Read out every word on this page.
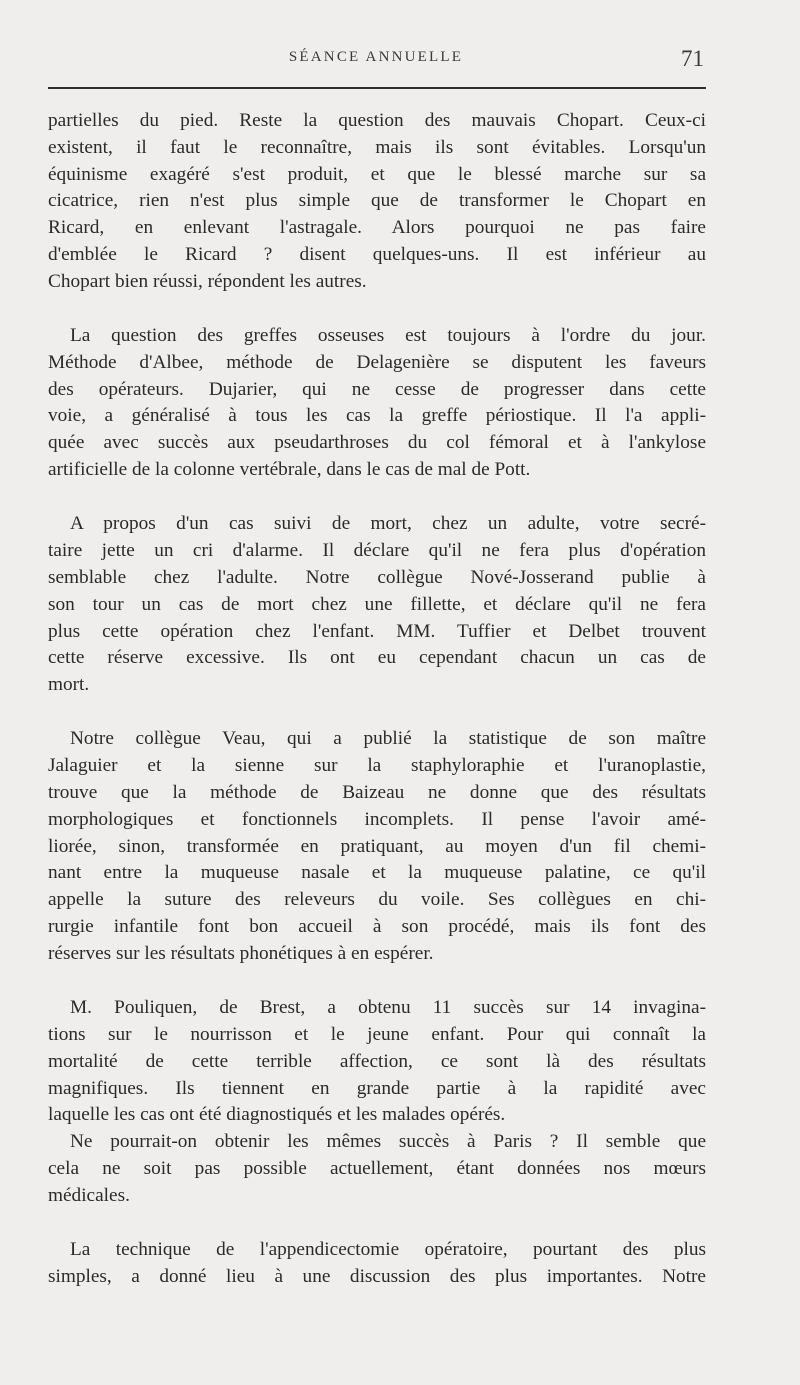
SÉANCE ANNUELLE	71

partielles du pied. Reste la question des mauvais Chopart. Ceux-ci
existent, il faut le reconnaître, mais ils sont évitables. Lorsqu'un
équinisme exagéré s'est produit, et que le blessé marche sur sa
cicatrice, rien n'est plus simple que de transformer le Chopart en
Ricard, en enlevant l'astragale. Alors pourquoi ne pas faire
d'emblée le Ricard ? disent quelques-uns. Il est inférieur au
Chopart bien réussi, répondent les autres.

La question des greffes osseuses est toujours à l'ordre du jour.
Méthode d'Albee, méthode de Delagenière se disputent les faveurs
des opérateurs. Dujarier, qui ne cesse de progresser dans cette
voie, a généralisé à tous les cas la greffe périostique. Il l'a appli-
quée avec succès aux pseudarthroses du col fémoral et à l'ankylose
artificielle de la colonne vertébrale, dans le cas de mal de Pott.

A propos d'un cas suivi de mort, chez un adulte, votre secré-
taire jette un cri d'alarme. Il déclare qu'il ne fera plus d'opération
semblable chez l'adulte. Notre collègue Nové-Josserand publie à
son tour un cas de mort chez une fillette, et déclare qu'il ne fera
plus cette opération chez l'enfant. MM. Tuffier et Delbet trouvent
cette réserve excessive. Ils ont eu cependant chacun un cas de
mort.

Notre collègue Veau, qui a publié la statistique de son maître
Jalaguier et la sienne sur la staphyloraphie et l'uranoplastie,
trouve que la méthode de Baizeau ne donne que des résultats
morphologiques et fonctionnels incomplets. Il pense l'avoir amé-
liorée, sinon, transformée en pratiquant, au moyen d'un fil chemi-
nant entre la muqueuse nasale et la muqueuse palatine, ce qu'il
appelle la suture des releveurs du voile. Ses collègues en chi-
rurgie infantile font bon accueil à son procédé, mais ils font des
réserves sur les résultats phonétiques à en espérer.

M. Pouliquen, de Brest, a obtenu 11 succès sur 14 invagina-
tions sur le nourrisson et le jeune enfant. Pour qui connaît la
mortalité de cette terrible affection, ce sont là des résultats
magnifiques. Ils tiennent en grande partie à la rapidité avec
laquelle les cas ont été diagnostiqués et les malades opérés.

Ne pourrait-on obtenir les mêmes succès à Paris ? Il semble que
cela ne soit pas possible actuellement, étant données nos mœurs
médicales.

La technique de l'appendicectomie opératoire, pourtant des plus
simples, a donné lieu à une discussion des plus importantes. Notre
